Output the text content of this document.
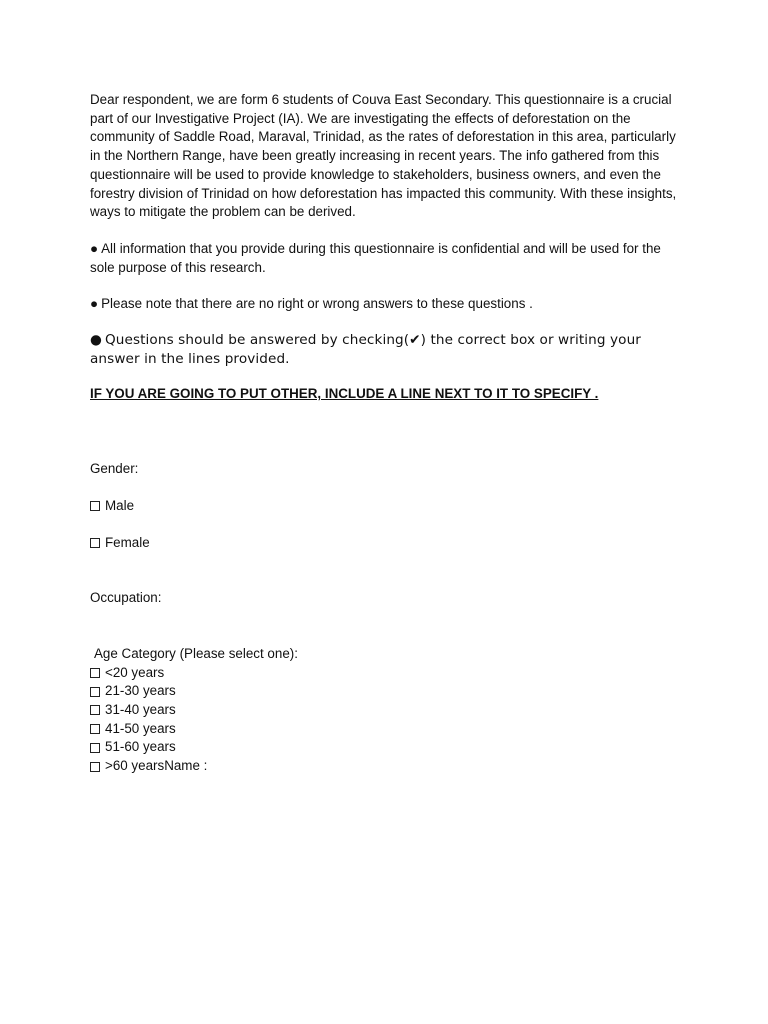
Dear respondent, we are form 6 students of Couva East Secondary. This questionnaire is a crucial part of our Investigative Project (IA). We are investigating the effects of deforestation on the community of Saddle Road, Maraval, Trinidad, as the rates of deforestation in this area, particularly in the Northern Range, have been greatly increasing in recent years. The info gathered from this questionnaire will be used to provide knowledge to stakeholders, business owners, and even the forestry division of Trinidad on how deforestation has impacted this community. With these insights, ways to mitigate the problem can be derived.

● All information that you provide during this questionnaire is confidential and will be used for the sole purpose of this research.

● Please note that there are no right or wrong answers to these questions .

● Questions should be answered by checking(✔) the correct box or writing your answer in the lines provided.

IF YOU ARE GOING TO PUT OTHER, INCLUDE A LINE NEXT TO IT TO SPECIFY .

Gender:

Male
Female

Occupation:

Age Category (Please select one):

<20 years
21-30 years
31-40 years
41-50 years
51-60 years
>60 years Name :
